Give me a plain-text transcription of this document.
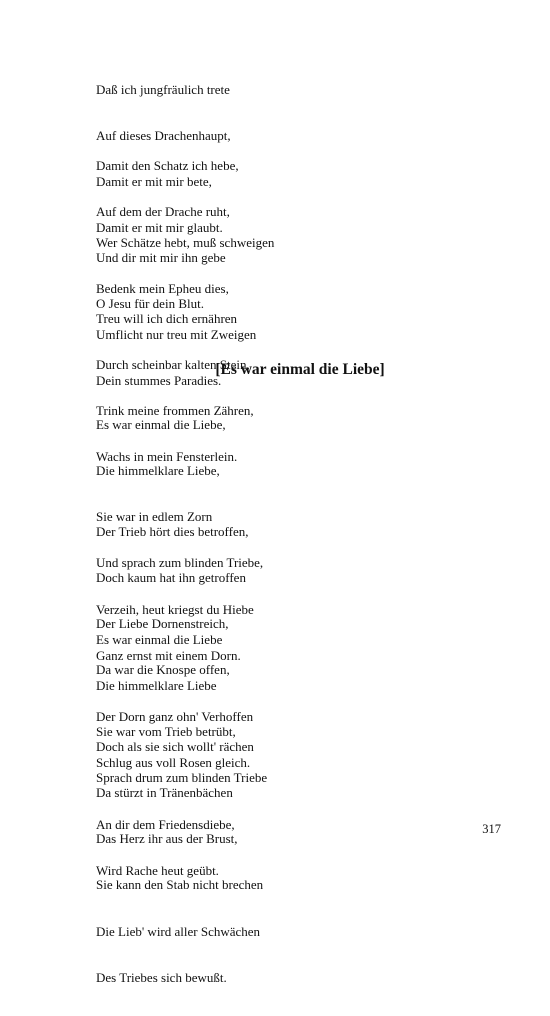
Daß ich jungfräulich trete

Auf dieses Drachenhaupt,

Damit er mit mir bete,

Damit er mit mir glaubt.

Damit den Schatz ich hebe,

Auf dem der Drache ruht,

Und dir mit mir ihn gebe

O Jesu für dein Blut.

Wer Schätze hebt, muß schweigen

Bedenk mein Epheu dies,

Umflicht nur treu mit Zweigen

Dein stummes Paradies.

Treu will ich dich ernähren

Durch scheinbar kalten Stein,

Trink meine frommen Zähren,

Wachs in mein Fensterlein.

[Es war einmal die Liebe]

Es war einmal die Liebe,

Die himmelklare Liebe,

Sie war in edlem Zorn

Und sprach zum blinden Triebe,

Verzeih, heut kriegst du Hiebe

Ganz ernst mit einem Dorn.

Der Trieb hört dies betroffen,

Doch kaum hat ihn getroffen

Der Liebe Dornenstreich,

Da war die Knospe offen,

Der Dorn ganz ohn' Verhoffen

Schlug aus voll Rosen gleich.

Es war einmal die Liebe

Die himmelklare Liebe

Sie war vom Trieb betrübt,

Sprach drum zum blinden Triebe

An dir dem Friedensdiebe,

Wird Rache heut geübt.

Doch als sie sich wollt' rächen

Da stürzt in Tränenbächen

Das Herz ihr aus der Brust,

Sie kann den Stab nicht brechen

Die Lieb' wird aller Schwächen

Des Triebes sich bewußt.

317
